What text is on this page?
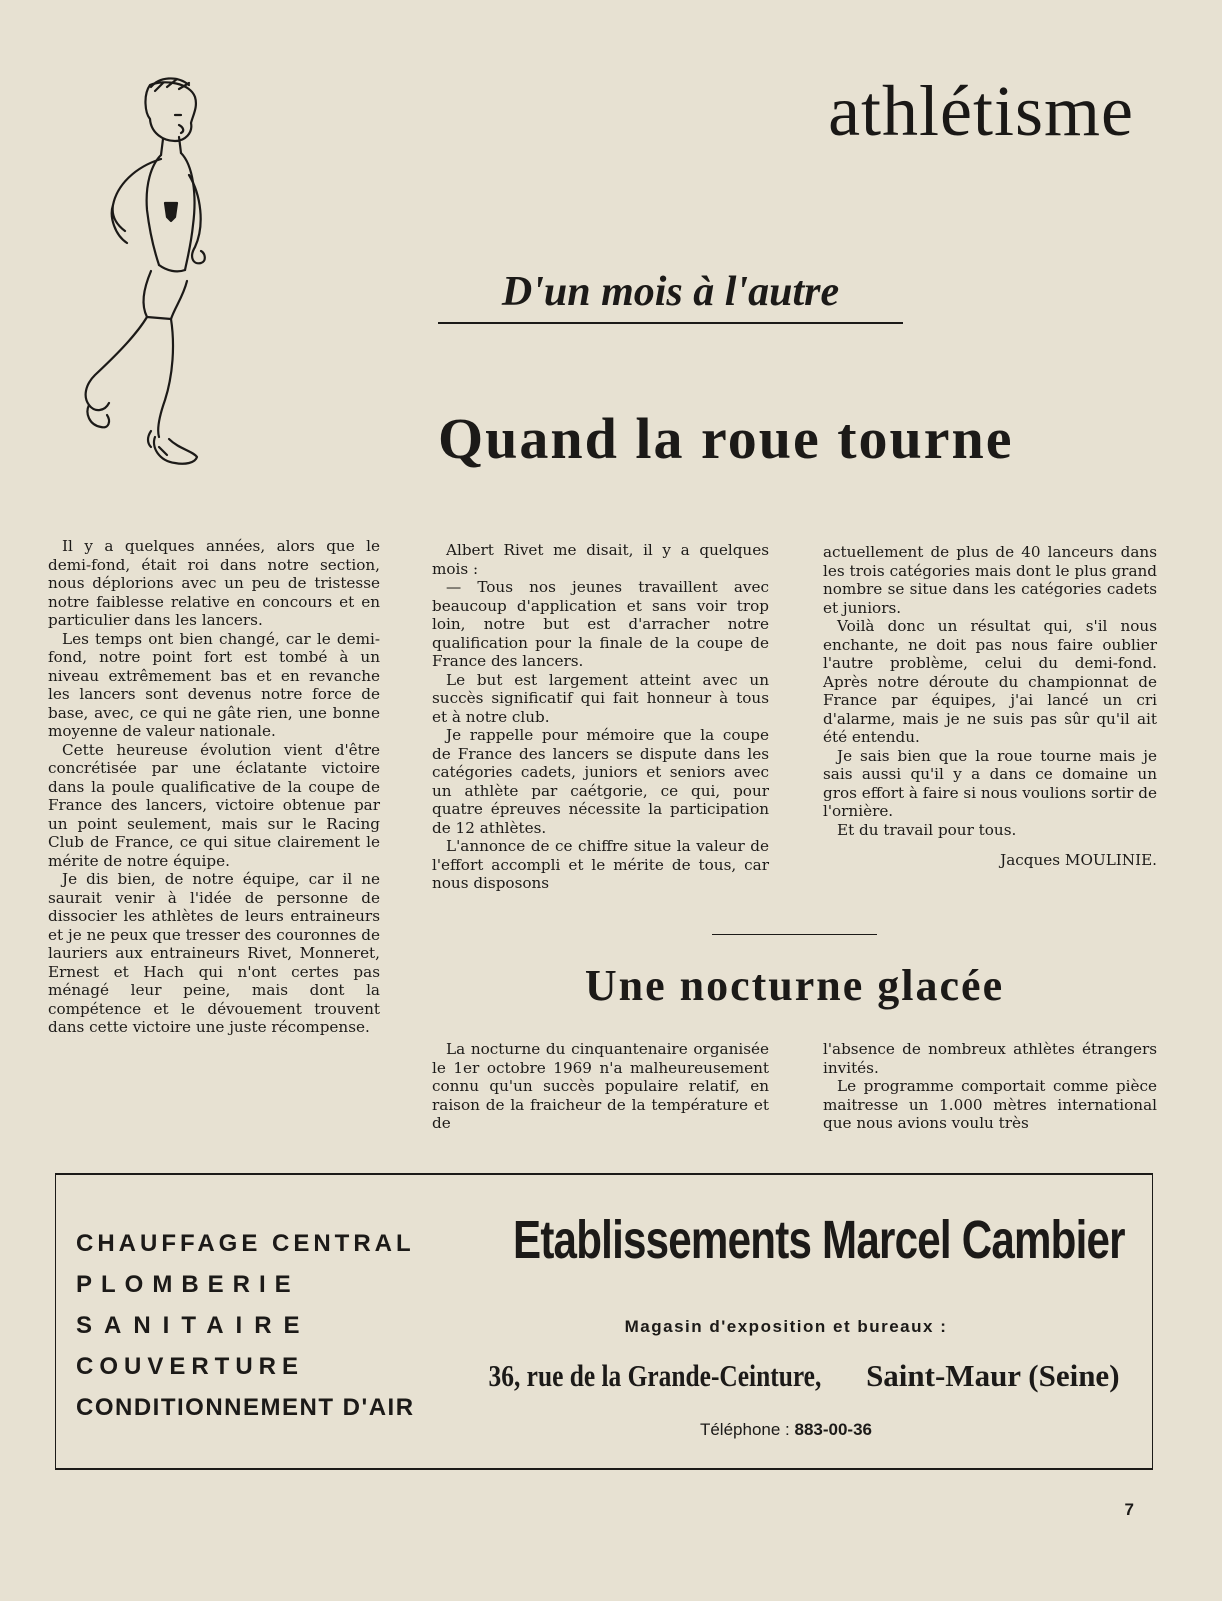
athlétisme
D'un mois à l'autre
Quand la roue tourne

Il y a quelques années, alors que le demi-fond, était roi dans notre section, nous déplorions avec un peu de tristesse notre faiblesse relative en concours et en particulier dans les lancers.

Les temps ont bien changé, car le demi-fond, notre point fort est tombé à un niveau extrêmement bas et en revanche les lancers sont devenus notre force de base, avec, ce qui ne gâte rien, une bonne moyenne de valeur nationale.

Cette heureuse évolution vient d'être concrétisée par une éclatante victoire dans la poule qualificative de la coupe de France des lancers, victoire obtenue par un point seulement, mais sur le Racing Club de France, ce qui situe clairement le mérite de notre équipe.

Je dis bien, de notre équipe, car il ne saurait venir à l'idée de personne de dissocier les athlètes de leurs entraineurs et je ne peux que tresser des couronnes de lauriers aux entraineurs Rivet, Monneret, Ernest et Hach qui n'ont certes pas ménagé leur peine, mais dont la compétence et le dévouement trouvent dans cette victoire une juste récompense.

Albert Rivet me disait, il y a quelques mois :

— Tous nos jeunes travaillent avec beaucoup d'application et sans voir trop loin, notre but est d'arracher notre qualification pour la finale de la coupe de France des lancers.

Le but est largement atteint avec un succès significatif qui fait honneur à tous et à notre club.

Je rappelle pour mémoire que la coupe de France des lancers se dispute dans les catégories cadets, juniors et seniors avec un athlète par caétgorie, ce qui, pour quatre épreuves nécessite la participation de 12 athlètes.

L'annonce de ce chiffre situe la valeur de l'effort accompli et le mérite de tous, car nous disposons

actuellement de plus de 40 lanceurs dans les trois catégories mais dont le plus grand nombre se situe dans les catégories cadets et juniors.

Voilà donc un résultat qui, s'il nous enchante, ne doit pas nous faire oublier l'autre problème, celui du demi-fond. Après notre déroute du championnat de France par équipes, j'ai lancé un cri d'alarme, mais je ne suis pas sûr qu'il ait été entendu.

Je sais bien que la roue tourne mais je sais aussi qu'il y a dans ce domaine un gros effort à faire si nous voulions sortir de l'ornière.

Et du travail pour tous.

Jacques MOULINIE.

Une nocturne glacée

La nocturne du cinquantenaire organisée le 1er octobre 1969 n'a malheureusement connu qu'un succès populaire relatif, en raison de la fraicheur de la température et de

l'absence de nombreux athlètes étrangers invités.

Le programme comportait comme pièce maitresse un 1.000 mètres international que nous avions voulu très

CHAUFFAGE CENTRAL
PLOMBERIE
SANITAIRE
COUVERTURE
CONDITIONNEMENT D'AIR
Etablissements Marcel Cambier
Magasin d'exposition et bureaux :
36, rue de la Grande-Ceinture, Saint-Maur (Seine)
Téléphone : 883-00-36
7
